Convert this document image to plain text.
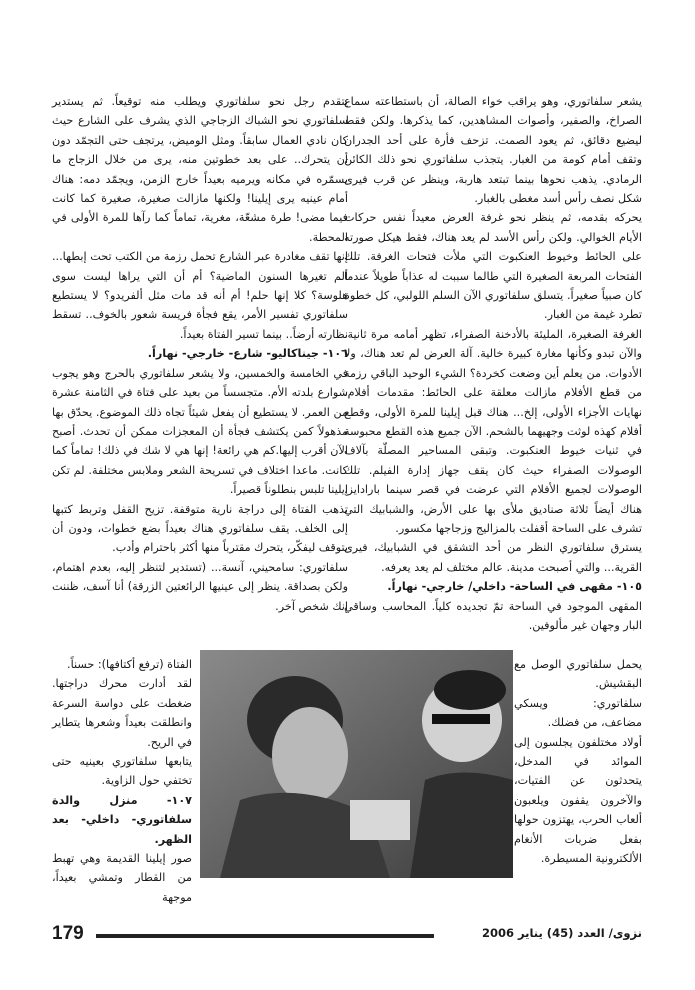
يشعر سلفاتوري، وهو يراقب خواء الصالة، أن باستطاعته سماع الصراخ، والصفير، وأصوات المشاهدين، كما يذكرها. ولكن فقط ليضيع دقائق، ثم يعود الصمت. تزحف فأرة على أحد الجدران وتقف أمام كومة من الغبار. يتجذب سلفاتوري نحو ذلك الكائن الرمادي. يذهب نحوها بينما تبتعد هاربة، وينظر عن قرب فيرى شكل نصف رأس أسد مغطى بالغبار.

يحركه بقدمه، ثم ينظر نحو غرفة العرض معيداً نفس حركات الأيام الخوالي. ولكن رأس الأسد لم يعد هناك، فقط هيكل صورته على الحائط وخيوط العنكبوت التي ملأت فتحات الغرفة. تلك الفتحات المربعة الصغيرة التي طالما سببت له عذاباً طويلاً عندما كان صبياً صغيراً. يتسلق سلفاتوري الآن السلم اللولبي، كل خطوة تطرد غيمة من الغبار.

الغرفة الصغيرة، المليئة بالأدخنة الصفراء، تظهر أمامه مرة ثانية. والآن تبدو وكأنها مغارة كبيرة خالية. آلة العرض لم تعد هناك، ولا الأدوات. من يعلم أين وضعت كخردة؟ الشيء الوحيد الباقي رزمة من قطع الأفلام مازالت معلقة على الحائط: مقدمات أفلام، نهايات الأجزاء الأولى، إلخ... هناك قبل إيلينا للمرة الأولى، وقطع أفلام كهذه لوثت وجهيهما بالشحم. الآن جميع هذه القطع محبوسة في ثنيات خيوط العنكبوت. وتبقى المساحير المصلّة بآلاف الوصولات الصفراء حيث كان يقف جهاز إدارة الفيلم. تلك الوصولات لجميع الأفلام التي عرضت في قصر سينما بارادايز. هناك أيضاً ثلاثة صناديق ملأى بها على الأرض، والشبابيك التي تشرف على الساحة أقفلت بالمزاليج وزجاجها مكسور.

يسترق سلفاتوري النظر من أحد التشقق في الشبابيك، فيرى القرية... والتي أصبحت مدينة. عالم مختلف لم يعد يعرفه.

١٠٥- مقهى في الساحة- داخلي/ خارجي- نهاراً.

المقهى الموجود في الساحة تمّ تجديده كلياً. المحاسب وساقي البار وجهان غير مألوفين.

يتقدم رجل نحو سلفاتوري ويطلب منه توقيعاً. ثم يستدير سلفاتوري نحو الشباك الزجاجي الذي يشرف على الشارع حيث كان نادي العمال سابقاً. ومثل الوميض، يرتجف حتى التجمّد دون أن يتحرك.. على بعد خطوتين منه، يرى من خلال الزجاج ما يسمّره في مكانه ويرميه بعيداً خارج الزمن، ويجمّد دمه: هناك أمام عينيه يرى إيلينا! ولكنها مازالت صغيرة، صغيرة كما كانت فيما مضى! طرة مشعّة، مغرية، تماماً كما رآها للمرة الأولى في المحطة.

إنها تقف مغادرة عبر الشارع تحمل رزمة من الكتب تحت إبطها... ألم تغيرها السنون الماضية؟ أم أن التي يراها ليست سوى هلوسة؟ كلا إنها حلم! أم أنه قد مات مثل ألفريدو؟ لا يستطيع سلفاتوري تفسير الأمر، يقع فجأة فريسة شعور بالخوف.. تسقط نظارته أرضاً.. بينما تسير الفتاة بعيداً.

١٠٦- جيناكاليو- شارع- خارجي- نهاراً.

في الخامسة والخمسين، ولا يشعر سلفاتوري بالحرج وهو يجوب شوارع بلدته الأم. متجسساً من بعيد على فتاة في الثامنة عشرة من العمر. لا يستطيع أن يفعل شيئاً تجاه ذلك الموضوع. يحدّق بها مذهولاً كمن يكتشف فجأة أن المعجزات ممكن أن تحدث. أصبح الآن أقرب إليها.كم هي رائعة! إنها هي لا شك في ذلك! تماماً كما كانت. ماعدا اختلاف في تسريحة الشعر وملابس مختلفة. لم تكن إيلينا تلبس بنطلوناً قصيراً.

تذهب الفتاة إلى دراجة نارية متوقفة. تزيح القفل وتربط كتبها إلى الخلف. يقف سلفاتوري هناك بعيداً بضع خطوات، ودون أن يتوقف ليفكّر، يتحرك مقترباً منها أكثر باحترام وأدب.

سلفاتوري: سامحيني، آنسة... (تستدير لتنظر إليه، بعدم اهتمام، ولكن بصداقة. ينظر إلى عينيها الرائعتين الزرقة) أنا آسف، ظننت إنك شخص آخر.

يحمل سلفاتوري الوصل مع البقشيش.

سلفاتوري: ويسكي مضاعف، من فضلك.

أولاد مختلفون يجلسون إلى الموائد في المدخل، يتحدثون عن الفتيات، والآخرون يقفون ويلعبون ألعاب الحرب، يهتزون حولها بفعل ضربات الأنغام الألكترونية المسيطرة.

الفتاة (ترفع أكتافها): حسناً.

لقد أدارت محرك دراجتها. ضغطت على دواسة السرعة وانطلقت بعيداً وشعرها يتطاير في الريح.

يتابعها سلفاتوري بعينيه حتى تختفي حول الزاوية.

١٠٧- منزل والدة سلفاتوري- داخلي- بعد الظهر.

صور إيلينا القديمة وهي تهبط من القطار وتمشي بعيداً، موجهة

179	نزوى/ العدد (45) يناير 2006
